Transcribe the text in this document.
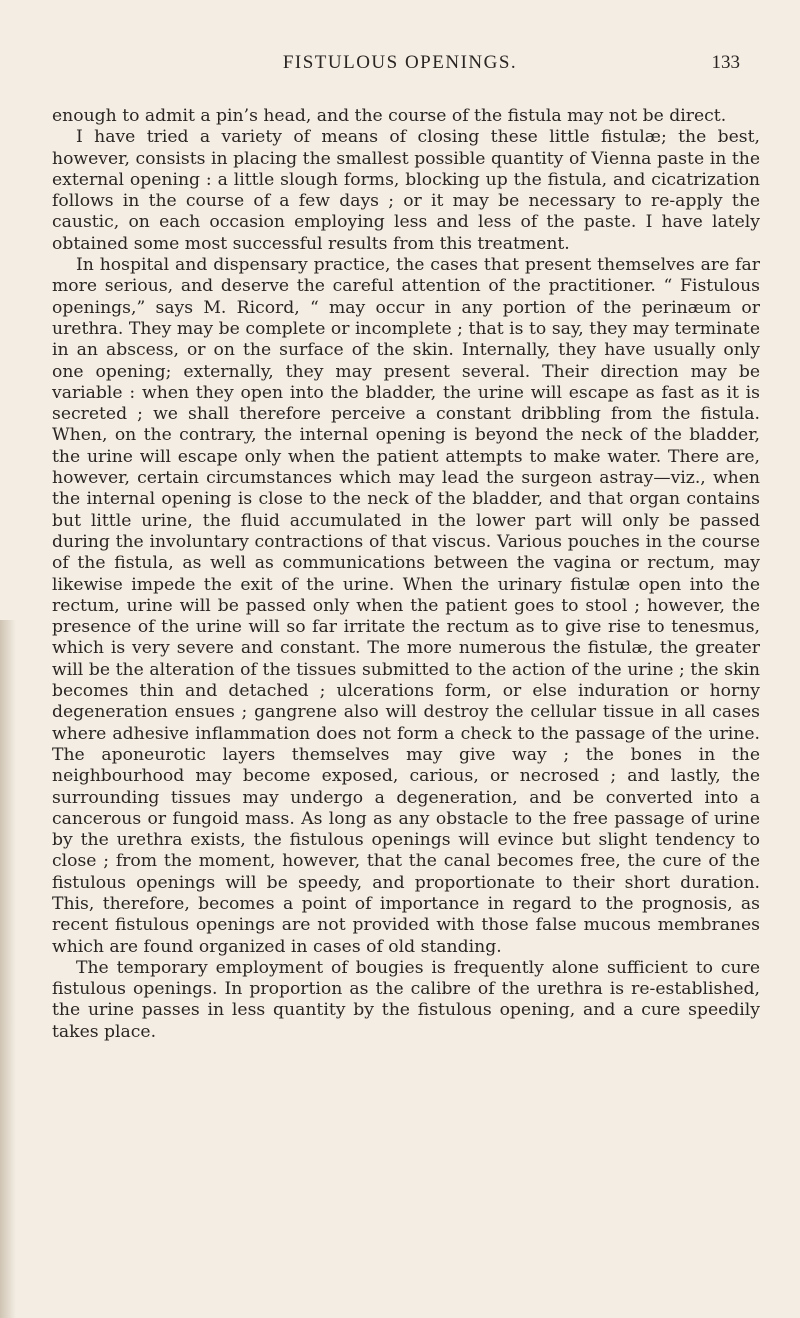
FISTULOUS OPENINGS.	133

enough to admit a pin’s head, and the course of the fistula may not be direct.

I have tried a variety of means of closing these little fistulæ; the best, however, consists in placing the smallest possible quantity of Vienna paste in the external opening : a little slough forms, blocking up the fistula, and cicatrization follows in the course of a few days ; or it may be necessary to re-apply the caustic, on each occasion employing less and less of the paste. I have lately obtained some most successful results from this treatment.

In hospital and dispensary practice, the cases that present themselves are far more serious, and deserve the careful attention of the practitioner. “ Fistulous openings,” says M. Ricord, “ may occur in any portion of the perinæum or urethra. They may be complete or incomplete ; that is to say, they may terminate in an abscess, or on the surface of the skin. Internally, they have usually only one opening; externally, they may present several. Their direction may be variable : when they open into the bladder, the urine will escape as fast as it is secreted ; we shall therefore perceive a constant dribbling from the fistula. When, on the contrary, the internal opening is beyond the neck of the bladder, the urine will escape only when the patient attempts to make water. There are, however, certain circumstances which may lead the surgeon astray—viz., when the internal opening is close to the neck of the bladder, and that organ contains but little urine, the fluid accumulated in the lower part will only be passed during the involuntary contractions of that viscus. Various pouches in the course of the fistula, as well as communications between the vagina or rectum, may likewise impede the exit of the urine. When the urinary fistulæ open into the rectum, urine will be passed only when the patient goes to stool ; however, the presence of the urine will so far irritate the rectum as to give rise to tenesmus, which is very severe and constant. The more numerous the fistulæ, the greater will be the alteration of the tissues submitted to the action of the urine ; the skin becomes thin and detached ; ulcerations form, or else induration or horny degeneration ensues ; gangrene also will destroy the cellular tissue in all cases where adhesive inflammation does not form a check to the passage of the urine. The aponeurotic layers themselves may give way ; the bones in the neighbourhood may become exposed, carious, or necrosed ; and lastly, the surrounding tissues may undergo a degeneration, and be converted into a cancerous or fungoid mass. As long as any obstacle to the free passage of urine by the urethra exists, the fistulous openings will evince but slight tendency to close ; from the moment, however, that the canal becomes free, the cure of the fistulous openings will be speedy, and proportionate to their short duration. This, therefore, becomes a point of importance in regard to the prognosis, as recent fistulous openings are not provided with those false mucous membranes which are found organized in cases of old standing.

The temporary employment of bougies is frequently alone sufficient to cure fistulous openings. In proportion as the calibre of the urethra is re-established, the urine passes in less quantity by the fistulous opening, and a cure speedily takes place.
